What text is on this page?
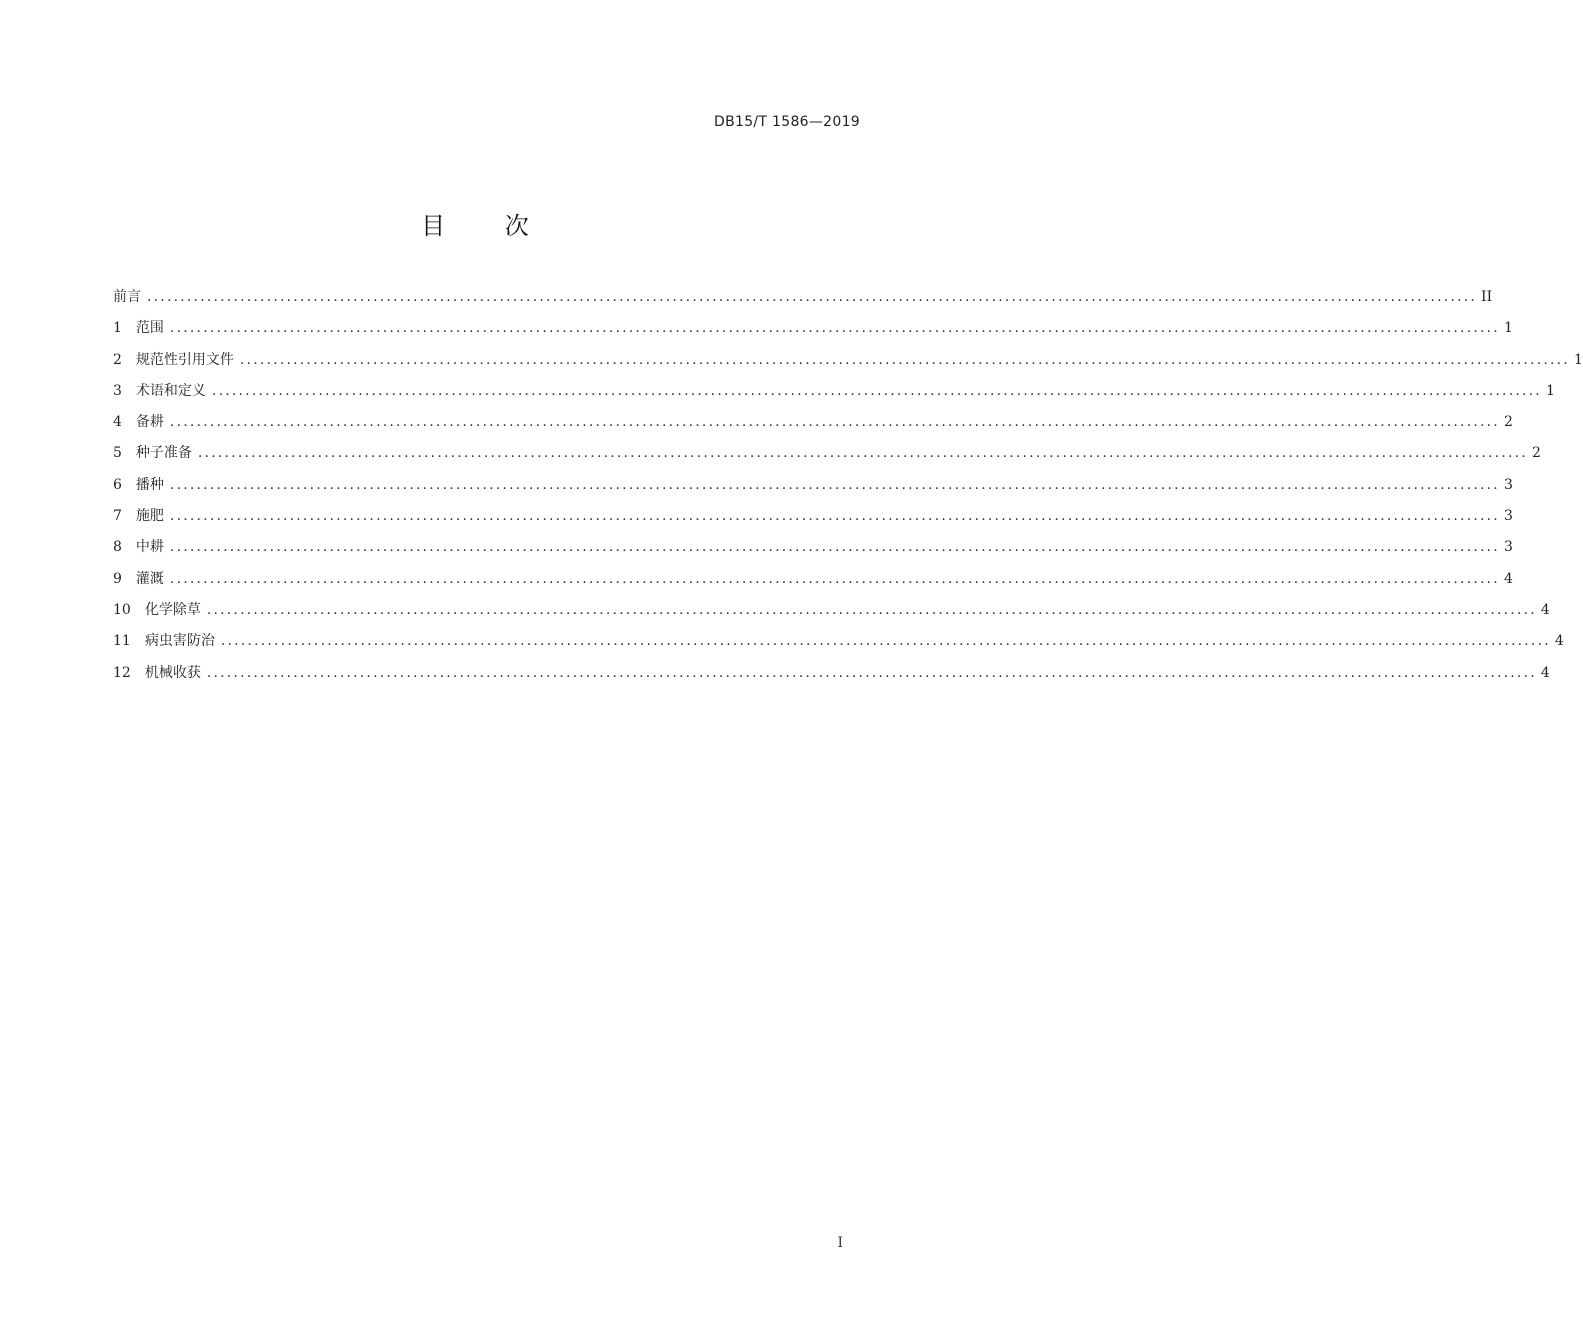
DB15/T 1586—2019
目 次
前言 ........................................................................................................................................................................................................ II
1	范围 ........................................................................................................................................................................................................ 1
2	规范性引用文件 ........................................................................................................................................................................................................ 1
3	术语和定义 ........................................................................................................................................................................................................ 1
4	备耕 ........................................................................................................................................................................................................ 2
5	种子准备 ........................................................................................................................................................................................................ 2
6	播种 ........................................................................................................................................................................................................ 3
7	施肥 ........................................................................................................................................................................................................ 3
8	中耕 ........................................................................................................................................................................................................ 3
9	灌溉 ........................................................................................................................................................................................................ 4
10	化学除草 ........................................................................................................................................................................................................ 4
11	病虫害防治 ........................................................................................................................................................................................................ 4
12	机械收获 ........................................................................................................................................................................................................ 4
I
